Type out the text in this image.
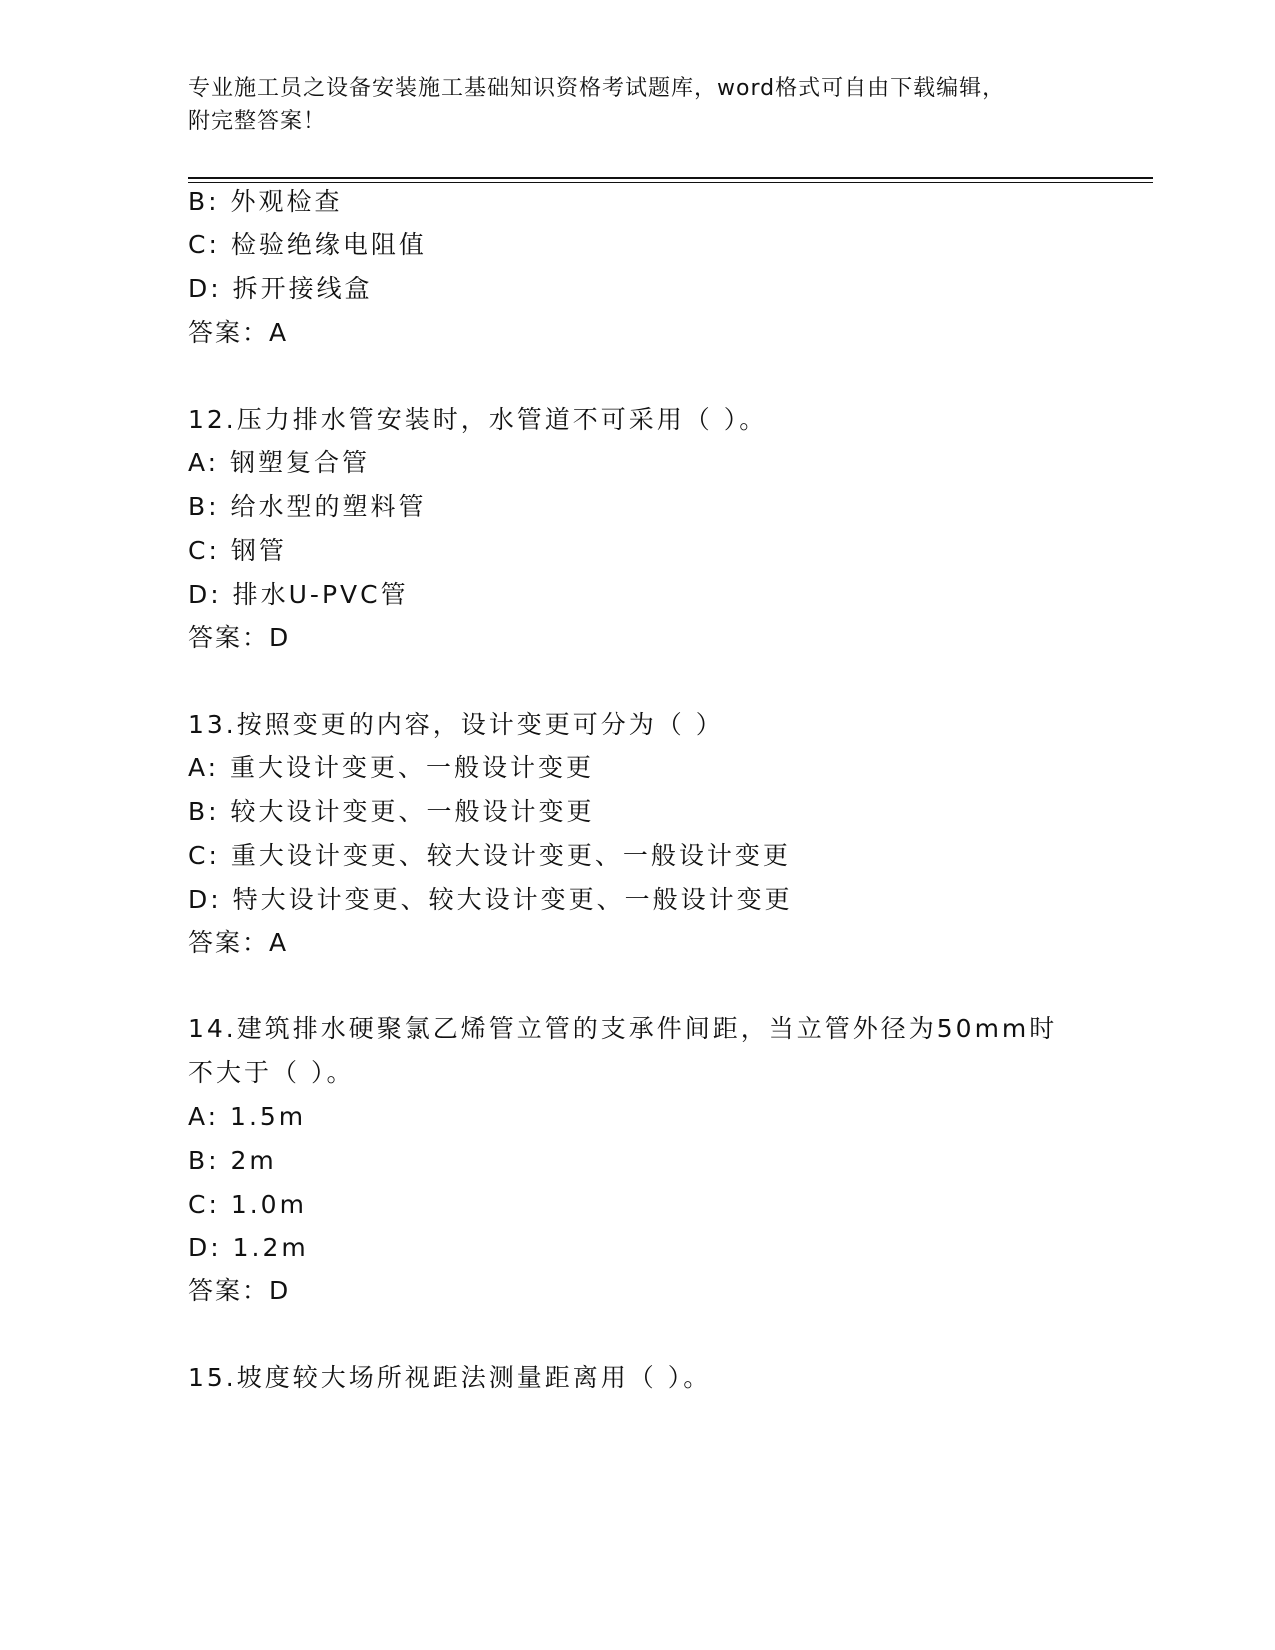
专业施工员之设备安装施工基础知识资格考试题库，word格式可自由下载编辑，
附完整答案！
B: 外观检查
C: 检验绝缘电阻值
D: 拆开接线盒
答案：A
12.压力排水管安装时，水管道不可采用（ ）。
A: 钢塑复合管
B: 给水型的塑料管
C: 钢管
D: 排水U-PVC管
答案：D
13.按照变更的内容，设计变更可分为（ ）
A: 重大设计变更、一般设计变更
B: 较大设计变更、一般设计变更
C: 重大设计变更、较大设计变更、一般设计变更
D: 特大设计变更、较大设计变更、一般设计变更
答案：A
14.建筑排水硬聚氯乙烯管立管的支承件间距，当立管外径为50mm时
不大于（ ）。
A: 1.5m
B: 2m
C: 1.0m
D: 1.2m
答案：D
15.坡度较大场所视距法测量距离用（ ）。
